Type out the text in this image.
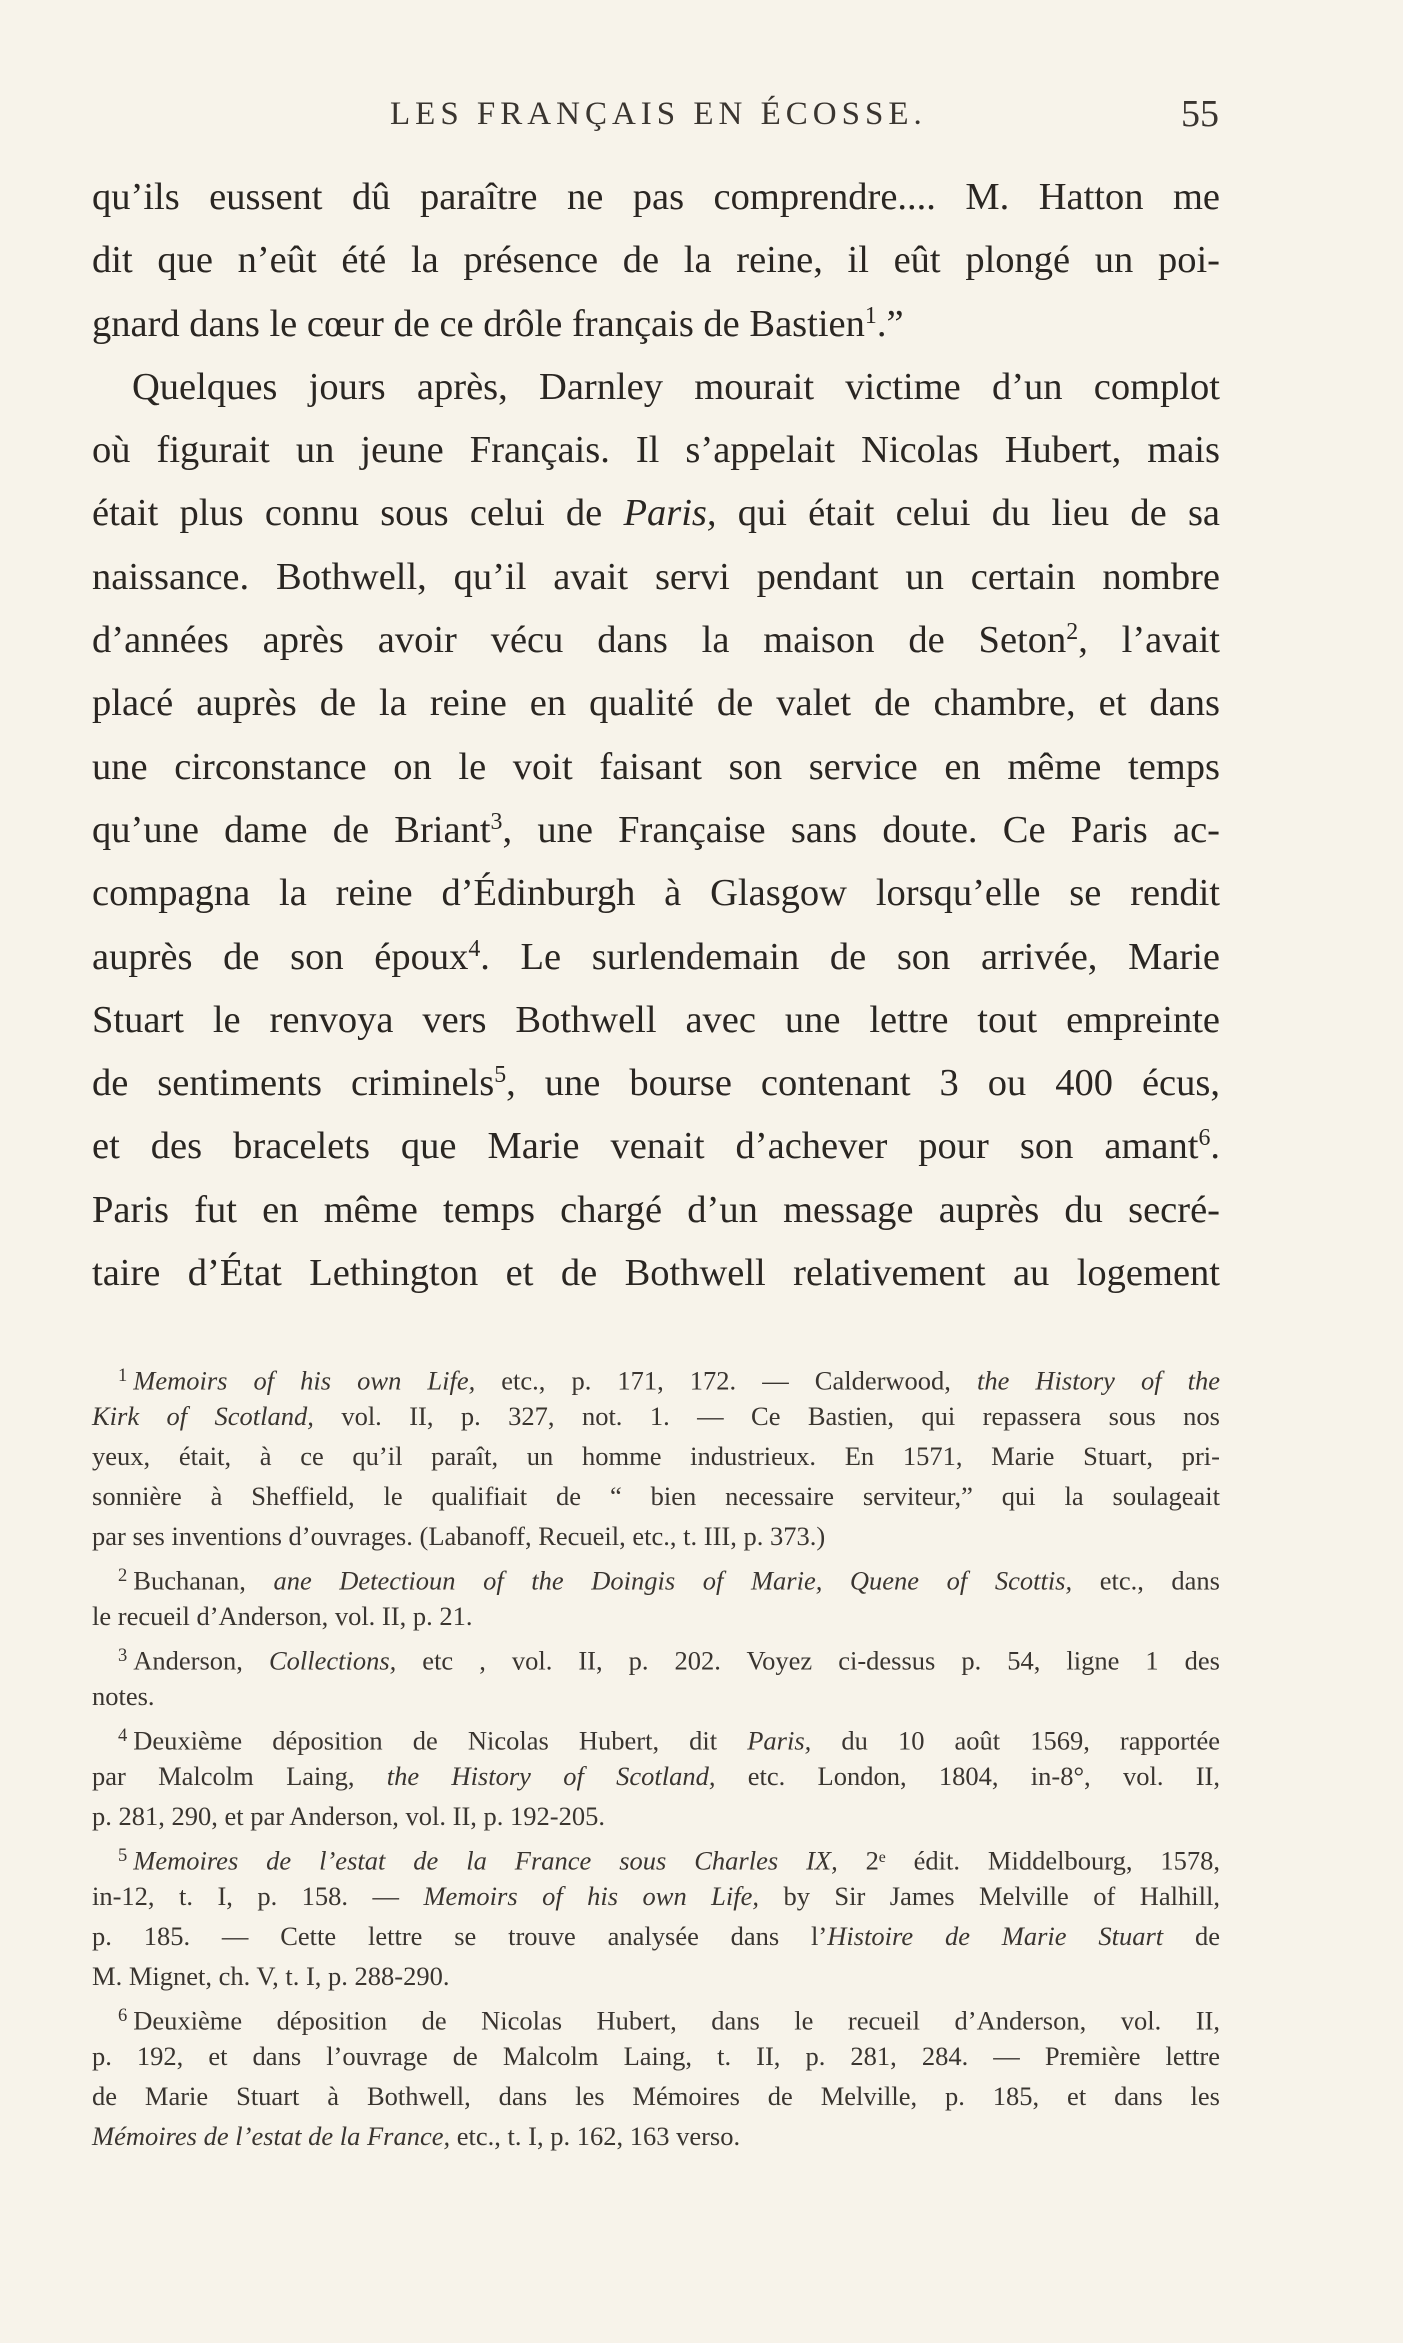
LES FRANÇAIS EN ÉCOSSE.	55
qu’ils eussent dû paraître ne pas comprendre.... M. Hatton me
dit que n’eût été la présence de la reine, il eût plongé un poi-
gnard dans le cœur de ce drôle français de Bastien$^1$.”
Quelques jours après, Darnley mourait victime d’un complot
où figurait un jeune Français. Il s’appelait Nicolas Hubert, mais
était plus connu sous celui de Paris, qui était celui du lieu de sa
naissance. Bothwell, qu’il avait servi pendant un certain nombre
d’années après avoir vécu dans la maison de Seton$^2$, l’avait
placé auprès de la reine en qualité de valet de chambre, et dans
une circonstance on le voit faisant son service en même temps
qu’une dame de Briant$^3$, une Française sans doute. Ce Paris ac-
compagna la reine d’Édinburgh à Glasgow lorsqu’elle se rendit
auprès de son époux$^4$. Le surlendemain de son arrivée, Marie
Stuart le renvoya vers Bothwell avec une lettre tout empreinte
de sentiments criminels$^5$, une bourse contenant 3 ou 400 écus,
et des bracelets que Marie venait d’achever pour son amant$^6$.
Paris fut en même temps chargé d’un message auprès du secré-
taire d’État Lethington et de Bothwell relativement au logement
$^1$ Memoirs of his own Life, etc., p. 171, 172. — Calderwood, the History of the
Kirk of Scotland, vol. II, p. 327, not. 1. — Ce Bastien, qui repassera sous nos
yeux, était, à ce qu’il paraît, un homme industrieux. En 1571, Marie Stuart, pri-
sonnière à Sheffield, le qualifiait de “ bien necessaire serviteur,” qui la soulageait
par ses inventions d’ouvrages. (Labanoff, Recueil, etc., t. III, p. 373.)
$^2$ Buchanan, ane Detectioun of the Doingis of Marie, Quene of Scottis, etc., dans
le recueil d’Anderson, vol. II, p. 21.
$^3$ Anderson, Collections, etc , vol. II, p. 202. Voyez ci-dessus p. 54, ligne 1 des
notes.
$^4$ Deuxième déposition de Nicolas Hubert, dit Paris, du 10 août 1569, rapportée
par Malcolm Laing, the History of Scotland, etc. London, 1804, in-8°, vol. II,
p. 281, 290, et par Anderson, vol. II, p. 192-205.
$^5$ Memoires de l’estat de la France sous Charles IX, 2ᵉ édit. Middelbourg, 1578,
in-12, t. I, p. 158. — Memoirs of his own Life, by Sir James Melville of Halhill,
p. 185. — Cette lettre se trouve analysée dans l’Histoire de Marie Stuart de
M. Mignet, ch. V, t. I, p. 288-290.
$^6$ Deuxième déposition de Nicolas Hubert, dans le recueil d’Anderson, vol. II,
p. 192, et dans l’ouvrage de Malcolm Laing, t. II, p. 281, 284. — Première lettre
de Marie Stuart à Bothwell, dans les Mémoires de Melville, p. 185, et dans les
Mémoires de l’estat de la France, etc., t. I, p. 162, 163 verso.
